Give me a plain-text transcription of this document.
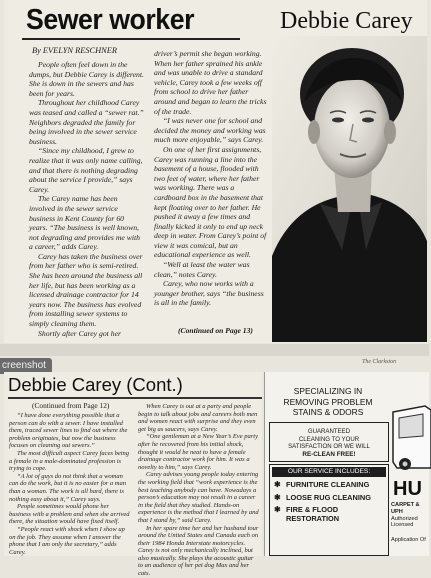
Sewer worker	Debbie Carey
By EVELYN RESCHNER

People often feel down in the dumps, but Debbie Carey is different. She is down in the sewers and has been for years.

Throughout her childhood Carey was teased and called a “sewer rat.” Neighbors degraded the family for being involved in the sewer service business.

“Since my childhood, I grew to realize that it was only name calling, and that there is nothing degrading about the service I provide,” says Carey.

The Carey name has been involved in the sewer service business in Kent County for 60 years. “The business is well known, not degrading and provides me with a career,” adds Carey.

Carey has taken the business over from her father who is semi-retired. She has been around the business all her life, but has been working as a licensed drainage contractor for 14 years now. The business has evolved from installing sewer systems to simply cleaning them.

Shortly after Carey got her

driver’s permit she began working. When her father sprained his ankle and was unable to drive a standard vehicle, Carey took a few weeks off from school to drive her father around and began to learn the tricks of the trade.

“I was never one for school and decided the money and working was much more enjoyable,” says Carey.

On one of her first assignments, Carey was running a line into the basement of a house, flooded with two feet of water, where her father was working. There was a cardboard box in the basement that kept floating over to her father. He pushed it away a few times and finally kicked it only to end up neck deep in water. From Carey’s point of view it was comical, but an educational experience as well.

“Well at least the water was clean,” notes Carey.

Carey, who now works with a younger brother, says “the business is all in the family.

(Continued on Page 13)
creenshot	The Clarkston
Debbie Carey (Cont.)
(Continued from Page 12)

“I have done everything possible that a person can do with a sewer. I have installed them, traced sewer lines to find out where the problem originates, but now the business focuses on cleaning out sewers.”

The most difficult aspect Carey faces being a female in a male-dominated profession is trying to cope.

“A lot of guys do not think that a woman can do the work, but it is no easier for a man than a woman. The work is all hard, there is nothing easy about it,” Carey says.

People sometimes would phone her business with a problem and when she arrived there, the situation would have fixed itself.

“People react with shock when I show up on the job. They assume when I answer the phone that I am only the secretary,” adds Carey.

When Carey is out at a party and people begin to talk about jobs and careers both men and women react with surprise and they even get big as saucers, says Carey.

“One gentleman at a New Year’s Eve party after he recovered from his initial shock, thought it would be neat to have a female drainage contractor work for him. It was a novelty to him,” says Carey.

Carey advises young people today entering the working field that “work experience is the best teaching anybody can have. Nowadays a person’s education may not result in a career in the field that they studied. Hands-on experience is the method that I learned by and that I stand by,” said Carey.

In her spare time her and her husband tour around the United States and Canada each on their 1984 Honda Interstate motorcycles. Carey is not only mechanically inclined, but also musically. She plays the acoustic guitar to an audience of her pet dog Max and her cats.

SPECIALIZING IN
REMOVING PROBLEM
STAINS & ODORS
GUARANTEED
CLEANING TO YOUR
SATISFACTION OR WE WILL
RE-CLEAN FREE!
OUR SERVICE INCLUDES:
✱ FURNITURE CLEANING
✱ LOOSE RUG CLEANING
✱ FIRE & FLOOD RESTORATION
HU
CARPET & UPH
Authorized Licensed
Application Of
